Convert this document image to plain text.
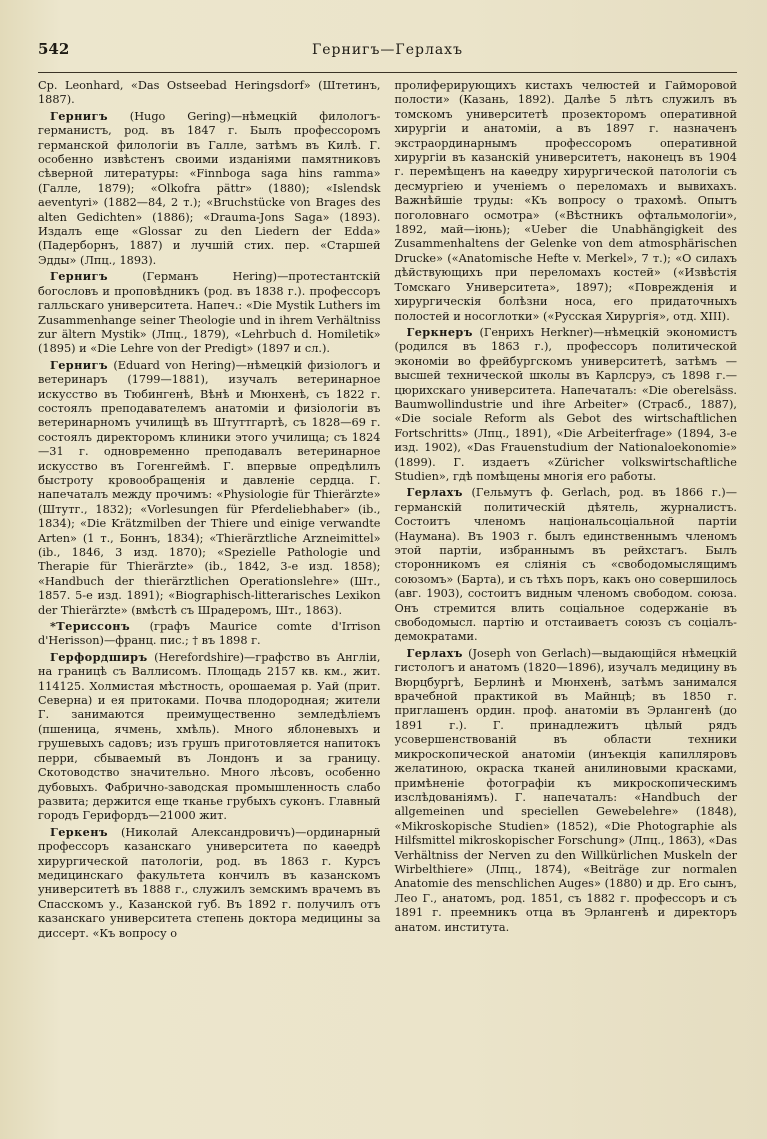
542	Гернигъ—Герлахъ

Ср. Leonhard, «Das Ostseebad Heringsdorf» (Штетинъ, 1887).

Гернигъ (Hugo Gering)—нѣмецкій филологъ-германистъ, род. въ 1847 г. Былъ профессоромъ германской филологіи въ Галле, затѣмъ въ Килѣ. Г. особенно извѣстенъ своими изданіями памятниковъ сѣверной литературы: «Finnboga saga hins ramma» (Галле, 1879); «Olkofra pättr» (1880); «Islendsk aeventyri» (1882—84, 2 т.); «Bruchstücke von Brages des alten Gedichten» (1886); «Drauma-Jons Saga» (1893). Издалъ еще «Glossar zu den Liedern der Edda» (Падерборнъ, 1887) и лучшій стих. пер. «Старшей Эдды» (Лпц., 1893).

Гернигъ	(Германъ Hering)—протестантскій богословъ и проповѣдникъ (род. въ 1838 г.). профессоръ галльскаго университета. Напеч.: «Die Mystik Luthers im Zusammenhange seiner Theologie und in ihrem Verhältniss zur ältern Mystik» (Лпц., 1879), «Lehrbuch d. Homiletik» (1895) и «Die Lehre von der Predigt» (1897 и сл.).

Гернигъ (Eduard von Hering)—нѣмецкій физіологъ и ветеринаръ (1799—1881), изучалъ ветеринарное искусство въ Тюбингенѣ, Вѣнѣ и Мюнхенѣ, съ 1822 г. состоялъ преподавателемъ анатоміи и физіологіи въ ветеринарномъ училищѣ въ Штуттгартѣ, съ 1828—69 г. состоялъ директоромъ клиники этого училища; съ 1824—31 г. одновременно преподавалъ ветеринарное искусство въ Гогенгеймѣ. Г. впервые опредѣлилъ быстроту кровообращенія и давленіе сердца. Г. напечаталъ между прочимъ: «Physiologie für Thierärzte» (Штутг., 1832); «Vorlesungen für Pferdeliebhaber» (ib., 1834); «Die Krätzmilben der Thiere und einige verwandte Arten» (1 т., Боннъ, 1834); «Thierärztliche Arzneimittel» (ib., 1846, 3 изд. 1870); «Spezielle Pathologie und Therapie für Thierärzte» (ib., 1842, 3-е изд. 1858); «Handbuch der thierärztlichen Operationslehre» (Шт., 1857. 5-е изд. 1891); «Biographisch-litterarisches Lexikon der Thierärzte» (вмѣстѣ съ Шрадеромъ, Шт., 1863).

*Териссонъ (графъ Maurice comte d'Irrison d'Herisson)—франц. пис.; † въ 1898 г.

Герфордширъ (Herefordshire)—графство въ Англіи, на границѣ съ Валлисомъ. Площадь 2157 кв. км., жит. 114125. Холмистая мѣстность, орошаемая р. Уай (прит. Северна) и ея притоками. Почва плодородная; жители Г. занимаются преимущественно земледѣліемъ (пшеница, ячмень, хмѣль). Много яблоневыхъ и грушевыхъ садовъ; изъ грушъ приготовляется напитокъ перри, сбываемый въ Лондонъ и за границу. Скотоводство значительно. Много лѣсовъ, особенно дубовыхъ. Фабрично-заводская промышленность слабо развита; держится еще тканье грубыхъ суконъ. Главный городъ Герифордъ—21000 жит.

Геркенъ (Николай Александровичъ)—ординарный профессоръ казанскаго университета по каѳедрѣ хирургической патологіи, род. въ 1863 г. Курсъ медицинскаго факультета кончилъ въ казанскомъ университетѣ въ 1888 г., служилъ земскимъ врачемъ въ Спасскомъ у., Казанской губ. Въ 1892 г. получилъ отъ казанскаго университета степень доктора медицины за диссерт. «Къ вопросу о

пролиферирующихъ кистахъ челюстей и Гайморовой полости» (Казань, 1892). Далѣе 5 лѣтъ служилъ въ томскомъ университетѣ прозекторомъ оперативной хирургіи и анатоміи, а въ 1897 г. назначенъ экстраординарнымъ профессоромъ оперативной хирургіи въ казанскій университетъ, наконецъ въ 1904 г. перемѣщенъ на каѳедру хирургической патологіи съ десмургіею и ученіемъ о переломахъ и вывихахъ. Важнѣйшіе труды: «Къ вопросу о трахомѣ. Опытъ поголовнаго осмотра» («Вѣстникъ офтальмологіи», 1892, май—іюнь); «Ueber die Unabhängigkeit des Zusammenhaltens der Gelenke von dem atmosphärischen Drucke» («Anatomische Hefte v. Merkel», 7 т.); «О силахъ дѣйствующихъ при переломахъ костей» («Извѣстія Томскаго Университета», 1897); «Поврежденія и хирургическія болѣзни носа, его придаточныхъ полостей и носоглотки» («Русская Хирургія», отд. XIII).

Геркнеръ (Генрихъ Herkner)—нѣмецкій экономистъ (родился въ 1863 г.), профессоръ политической экономіи во фрейбургскомъ университетѣ, затѣмъ — высшей технической школы въ Карлсруэ, съ 1898 г.—цюрихскаго университета. Напечаталъ: «Die oberelsäss. Baumwollindustrie und ihre Arbeiter» (Страсб., 1887), «Die sociale Reform als Gebot des wirtschaftlichen Fortschritts» (Лпц., 1891), «Die Arbeiterfrage» (1894, 3-е изд. 1902), «Das Frauenstudium der Nationaloekonomie» (1899). Г. издаетъ «Züricher volkswirtschaftliche Studien», гдѣ помѣщены многія его работы.

Герлахъ (Гельмутъ ф. Gerlach, род. въ 1866 г.)—германскій политическій дѣятель, журналистъ. Состоитъ членомъ національсоціальной партіи (Наумана). Въ 1903 г. былъ единственнымъ членомъ этой партіи, избраннымъ въ рейхстагъ. Былъ сторонникомъ ея слiянія съ «свободомыслящимъ союзомъ» (Барта), и съ тѣхъ поръ, какъ оно совершилось (авг. 1903), состоитъ видным членомъ свободом. союза. Онъ стремится влить соціальное содержаніе въ свободомысл. партію и отстаиваетъ союзъ съ соціалъ-демократами.

Герлахъ (Joseph von Gerlach)—выдающійся нѣмецкій гистологъ и анатомъ (1820—1896), изучалъ медицину въ Вюрцбургѣ, Берлинѣ и Мюнхенѣ, затѣмъ занимался врачебной практикой въ Майнцѣ; въ 1850 г. приглашенъ ордин. проф. анатоміи въ Эрлангенѣ (до 1891 г.). Г. принадлежитъ цѣлый рядъ усовершенствованій въ области техники микроскопической анатоміи (инъекція капилляровъ желатиною, окраска тканей анилиновыми красками, примѣненіе фотографіи къ микроскопическимъ изслѣдованіямъ). Г. напечаталъ: «Handbuch der allgemeinen und speciellen Gewebelehre» (1848), «Mikroskopische Studien» (1852), «Die Photographie als Hilfsmittel mikroskopischer Forschung» (Лпц., 1863), «Das Verhältniss der Nerven zu den Willkürlichen Muskeln der Wirbelthiere» (Лпц., 1874), «Beiträge zur normalen Anatomie des menschlichen Auges» (1880) и др. Его сынъ, Лео Г., анатомъ, род. 1851, съ 1882 г. профессоръ и съ 1891 г. преемникъ отца въ Эрлангенѣ и директоръ анатом. института.
